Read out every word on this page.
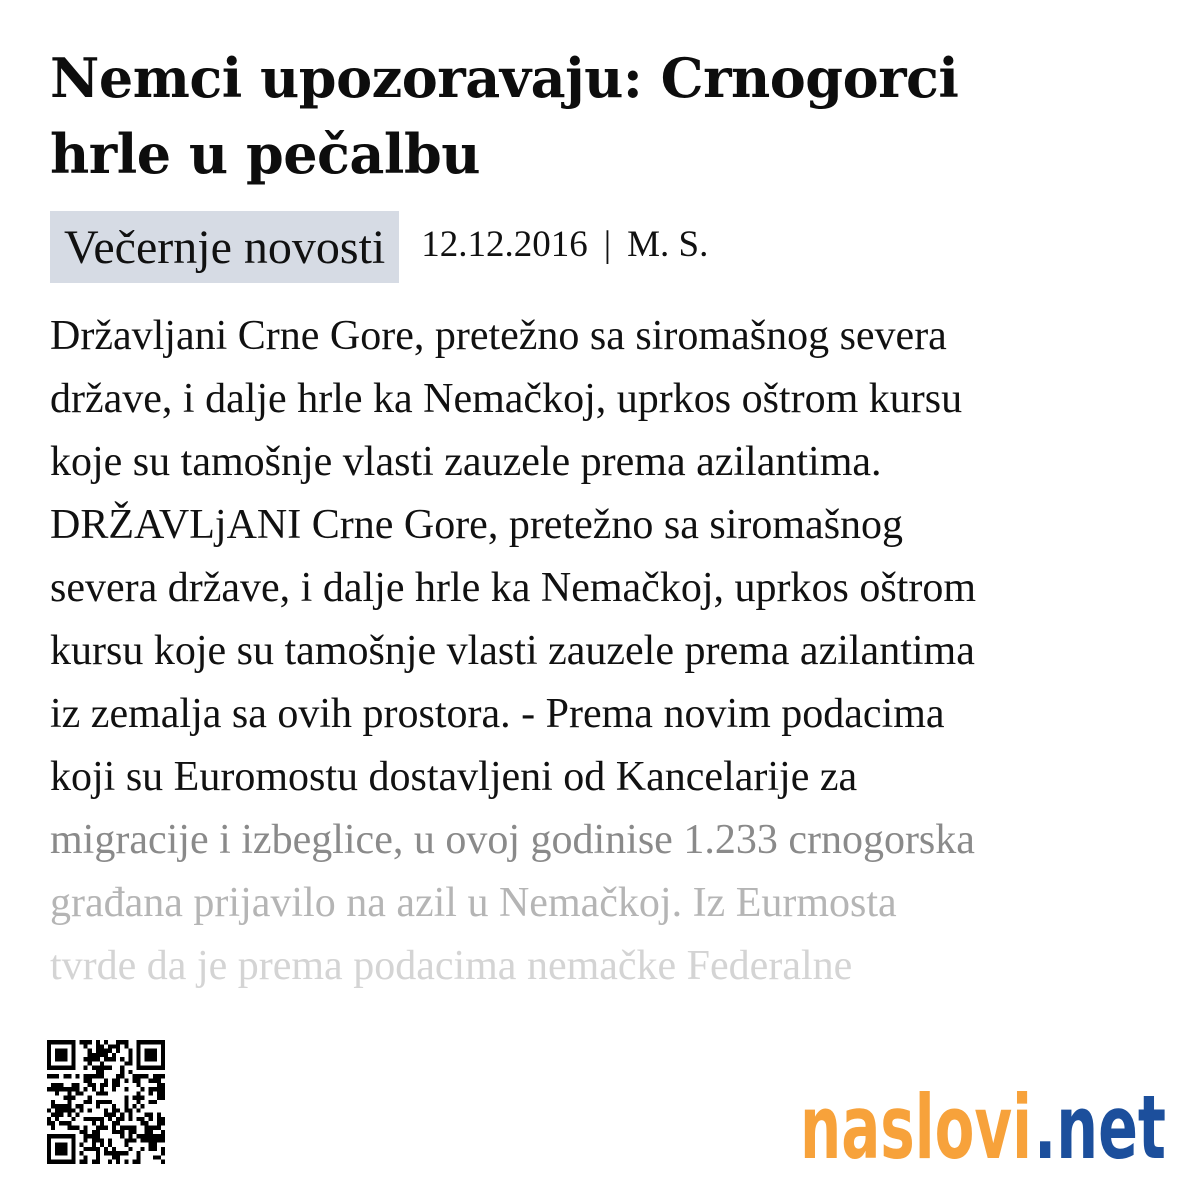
Nemci upozoravaju: Crnogorci
hrle u pečalbu
Večernje novosti 12.12.2016 | M. S.

Državljani Crne Gore, pretežno sa siromašnog severa

države, i dalje hrle ka Nemačkoj, uprkos oštrom kursu

koje su tamošnje vlasti zauzele prema azilantima.

DRŽAVLjANI Crne Gore, pretežno sa siromašnog

severa države, i dalje hrle ka Nemačkoj, uprkos oštrom

kursu koje su tamošnje vlasti zauzele prema azilantima

iz zemalja sa ovih prostora. - Prema novim podacima

koji su Euromostu dostavljeni od Kancelarije za

migracije i izbeglice, u ovoj godinise 1.233 crnogorska

građana prijavilo na azil u Nemačkoj. Iz Eurmosta

tvrde da je prema podacima nemačke Federalne

naslovi .net
